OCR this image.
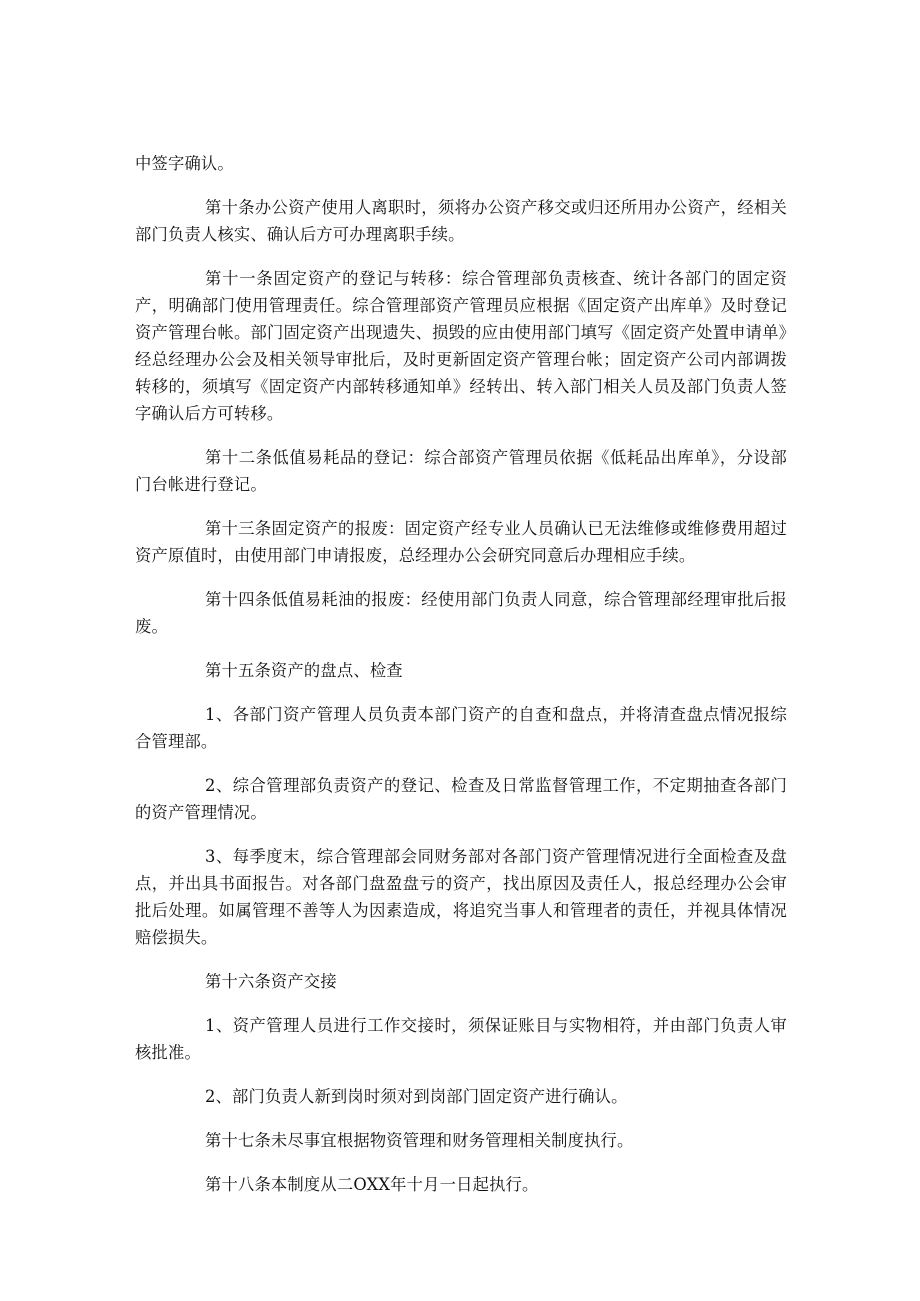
中签字确认。

第十条办公资产使用人离职时，须将办公资产移交或归还所用办公资产，经相关部门负责人核实、确认后方可办理离职手续。

第十一条固定资产的登记与转移：综合管理部负责核查、统计各部门的固定资产，明确部门使用管理责任。综合管理部资产管理员应根据《固定资产出库单》及时登记资产管理台帐。部门固定资产出现遗失、损毁的应由使用部门填写《固定资产处置申请单》经总经理办公会及相关领导审批后，及时更新固定资产管理台帐；固定资产公司内部调拨转移的，须填写《固定资产内部转移通知单》经转出、转入部门相关人员及部门负责人签字确认后方可转移。

第十二条低值易耗品的登记：综合部资产管理员依据《低耗品出库单》，分设部门台帐进行登记。

第十三条固定资产的报废：固定资产经专业人员确认已无法维修或维修费用超过资产原值时，由使用部门申请报废，总经理办公会研究同意后办理相应手续。

第十四条低值易耗油的报废：经使用部门负责人同意，综合管理部经理审批后报废。

第十五条资产的盘点、检查

1、各部门资产管理人员负责本部门资产的自查和盘点，并将清查盘点情况报综合管理部。

2、综合管理部负责资产的登记、检查及日常监督管理工作，不定期抽查各部门的资产管理情况。

3、每季度末，综合管理部会同财务部对各部门资产管理情况进行全面检查及盘点，并出具书面报告。对各部门盘盈盘亏的资产，找出原因及责任人，报总经理办公会审批后处理。如属管理不善等人为因素造成，将追究当事人和管理者的责任，并视具体情况赔偿损失。

第十六条资产交接

1、资产管理人员进行工作交接时，须保证账目与实物相符，并由部门负责人审核批准。

2、部门负责人新到岗时须对到岗部门固定资产进行确认。

第十七条未尽事宜根据物资管理和财务管理相关制度执行。

第十八条本制度从二OXX年十月一日起执行。
